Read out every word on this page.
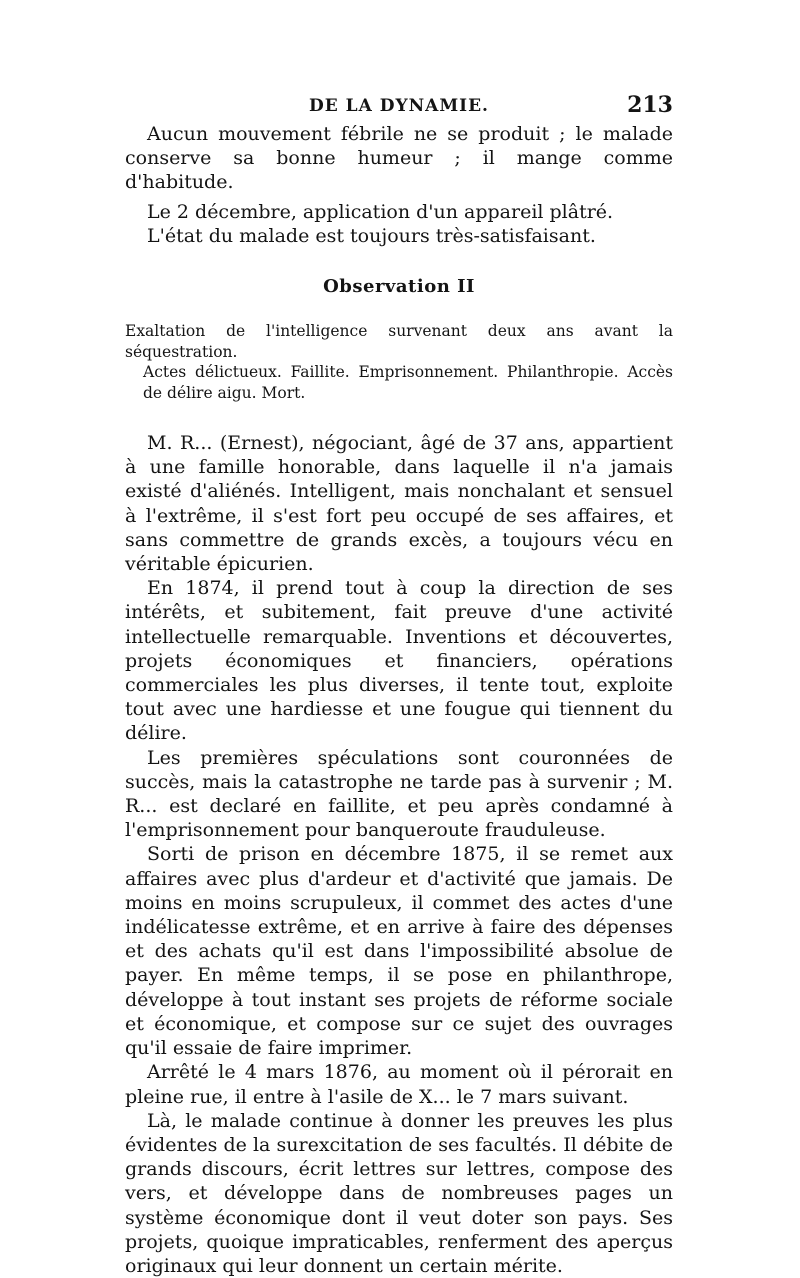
DE LA DYNAMIE.	213

Aucun mouvement fébrile ne se produit ; le malade conserve sa bonne humeur ; il mange comme d'habitude.

Le 2 décembre, application d'un appareil plâtré.

L'état du malade est toujours très-satisfaisant.

Observation II

Exaltation de l'intelligence survenant deux ans avant la séquestration.

Actes délictueux. Faillite. Emprisonnement. Philanthropie. Accès de délire aigu. Mort.

M. R... (Ernest), négociant, âgé de 37 ans, appartient à une famille honorable, dans laquelle il n'a jamais existé d'aliénés. Intelligent, mais nonchalant et sensuel à l'extrême, il s'est fort peu occupé de ses affaires, et sans commettre de grands excès, a toujours vécu en véritable épicurien.

En 1874, il prend tout à coup la direction de ses intérêts, et subitement, fait preuve d'une activité intellectuelle remarquable. Inventions et découvertes, projets économiques et financiers, opérations commerciales les plus diverses, il tente tout, exploite tout avec une hardiesse et une fougue qui tiennent du délire.

Les premières spéculations sont couronnées de succès, mais la catastrophe ne tarde pas à survenir ; M. R... est declaré en faillite, et peu après condamné à l'emprisonnement pour banqueroute frauduleuse.

Sorti de prison en décembre 1875, il se remet aux affaires avec plus d'ardeur et d'activité que jamais. De moins en moins scrupuleux, il commet des actes d'une indélicatesse extrême, et en arrive à faire des dépenses et des achats qu'il est dans l'impossibilité absolue de payer. En même temps, il se pose en philanthrope, développe à tout instant ses projets de réforme sociale et économique, et compose sur ce sujet des ouvrages qu'il essaie de faire imprimer.

Arrêté le 4 mars 1876, au moment où il pérorait en pleine rue, il entre à l'asile de X... le 7 mars suivant.

Là, le malade continue à donner les preuves les plus évidentes de la surexcitation de ses facultés. Il débite de grands discours, écrit lettres sur lettres, compose des vers, et développe dans de nombreuses pages un système économique dont il veut doter son pays. Ses projets, quoique impraticables, renferment des aperçus originaux qui leur donnent un certain mérite.
